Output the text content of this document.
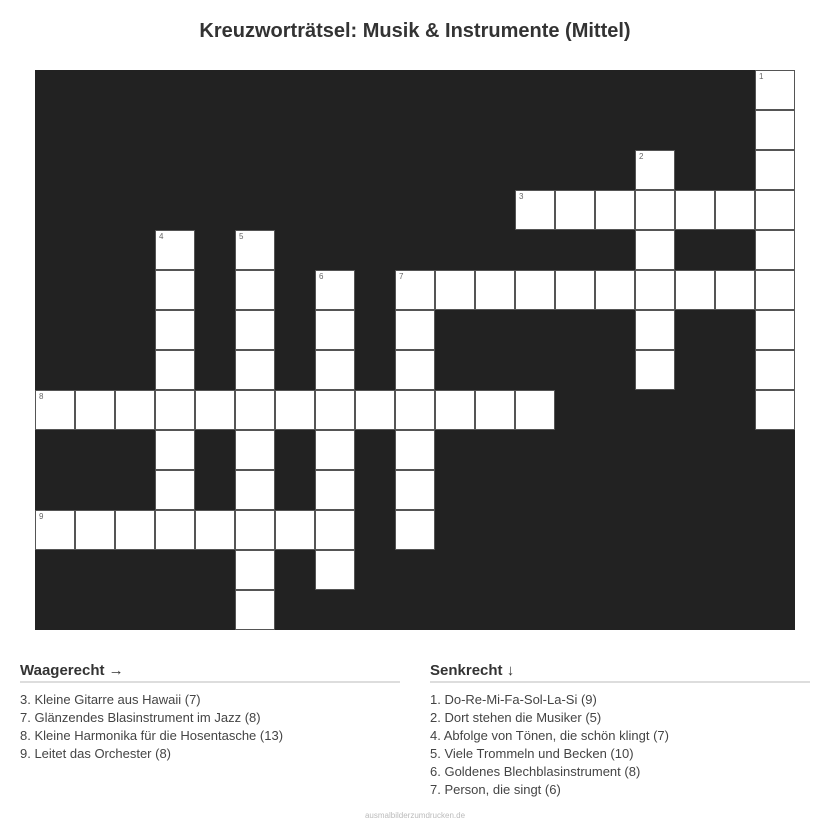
Kreuzworträtsel: Musik & Instrumente (Mittel)
1
2
3
4	5
6	7
8
9
Waagerecht →
3. Kleine Gitarre aus Hawaii (7)
7. Glänzendes Blasinstrument im Jazz (8)
8. Kleine Harmonika für die Hosentasche (13)
9. Leitet das Orchester (8)
Senkrecht ↓
1. Do-Re-Mi-Fa-Sol-La-Si (9)
2. Dort stehen die Musiker (5)
4. Abfolge von Tönen, die schön klingt (7)
5. Viele Trommeln und Becken (10)
6. Goldenes Blechblasinstrument (8)
7. Person, die singt (6)
ausmalbilderzumdrucken.de
